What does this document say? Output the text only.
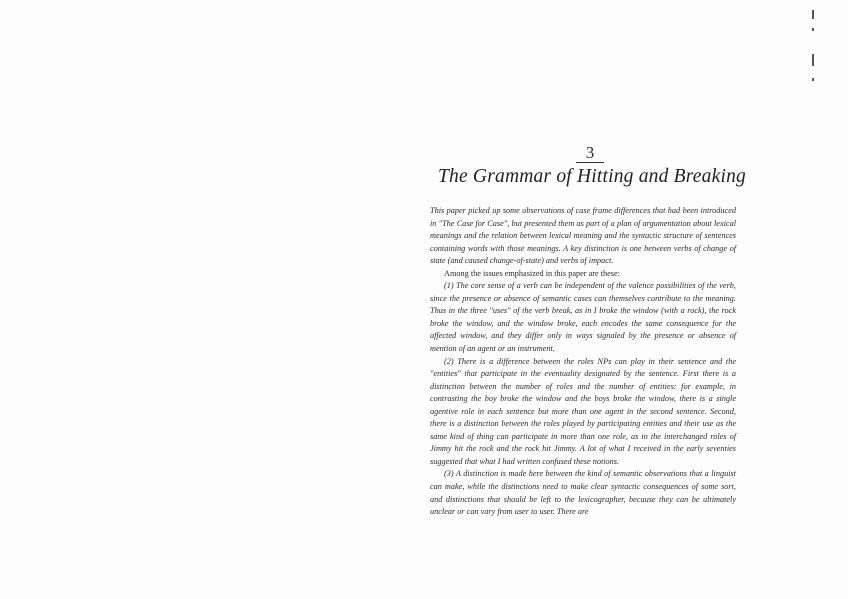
3
The Grammar of Hitting and Breaking

This paper picked up some observations of case frame differences that had been introduced in "The Case for Case", but presented them as part of a plan of argumentation about lexical meanings and the relation between lexical meaning and the syntactic structure of sentences containing words with those meanings. A key distinction is one between verbs of change of state (and caused change-of-state) and verbs of impact.

Among the issues emphasized in this paper are these:

(1) The core sense of a verb can be independent of the valence possibilities of the verb, since the presence or absence of semantic cases can themselves contribute to the meaning. Thus in the three "uses" of the verb break, as in I broke the window (with a rock), the rock broke the window, and the window broke, each encodes the same consequence for the affected window, and they differ only in ways signaled by the presence or absence of mention of an agent or an instrument.

(2) There is a difference between the roles NPs can play in their sentence and the "entities" that participate in the eventuality designated by the sentence. First there is a distinction between the number of roles and the number of entities: for example, in contrasting the boy broke the window and the boys broke the window, there is a single agentive role in each sentence but more than one agent in the second sentence. Second, there is a distinction between the roles played by participating entities and their use as the same kind of thing can participate in more than one role, as in the interchanged roles of Jimmy hit the rock and the rock hit Jimmy. A lot of what I received in the early seventies suggested that what I had written confused these notions.

(3) A distinction is made here between the kind of semantic observations that a linguist can make, while the distinctions need to make clear syntactic consequences of some sort, and distinctions that should be left to the lexicographer, because they can be ultimately unclear or can vary from user to user. There are
